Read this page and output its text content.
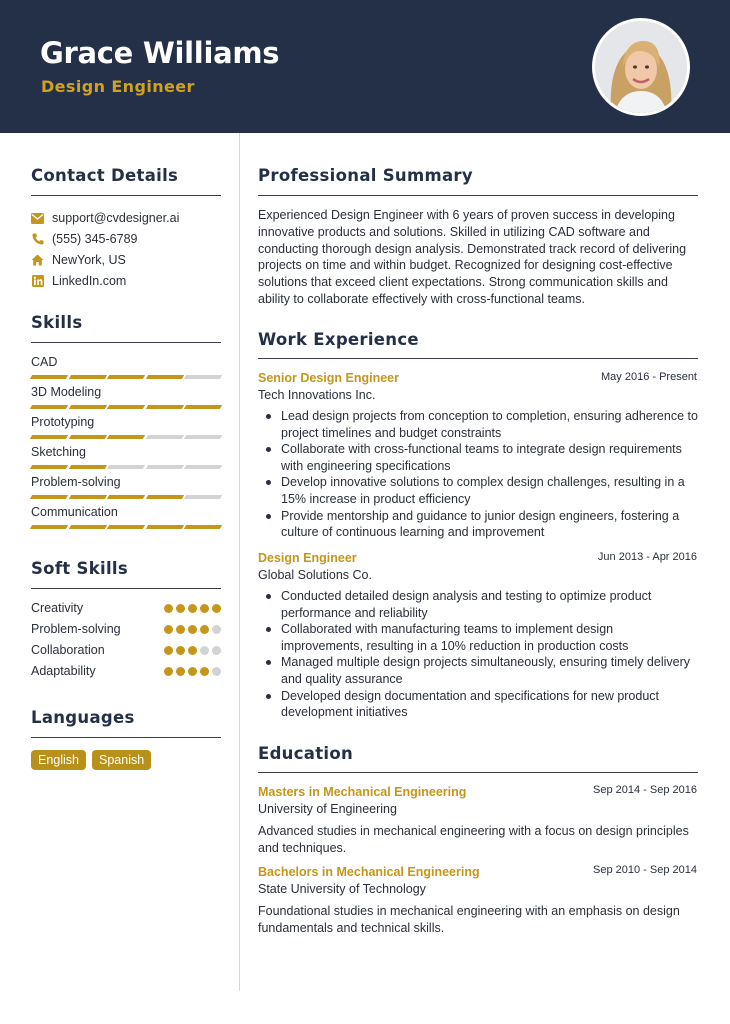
Grace Williams
Design Engineer
Contact Details
support@cvdesigner.ai
(555) 345-6789
NewYork, US
LinkedIn.com
Skills
CAD
3D Modeling
Prototyping
Sketching
Problem-solving
Communication
Soft Skills
Creativity
Problem-solving
Collaboration
Adaptability
Languages
English	Spanish
Professional Summary
Experienced Design Engineer with 6 years of proven success in developing innovative products and solutions. Skilled in utilizing CAD software and conducting thorough design analysis. Demonstrated track record of delivering projects on time and within budget. Recognized for designing cost-effective solutions that exceed client expectations. Strong communication skills and ability to collaborate effectively with cross-functional teams.
Work Experience
Senior Design Engineer	May 2016 - Present
Tech Innovations Inc.
Lead design projects from conception to completion, ensuring adherence to project timelines and budget constraints
Collaborate with cross-functional teams to integrate design requirements with engineering specifications
Develop innovative solutions to complex design challenges, resulting in a 15% increase in product efficiency
Provide mentorship and guidance to junior design engineers, fostering a culture of continuous learning and improvement
Design Engineer	Jun 2013 - Apr 2016
Global Solutions Co.
Conducted detailed design analysis and testing to optimize product performance and reliability
Collaborated with manufacturing teams to implement design improvements, resulting in a 10% reduction in production costs
Managed multiple design projects simultaneously, ensuring timely delivery and quality assurance
Developed design documentation and specifications for new product development initiatives
Education
Masters in Mechanical Engineering	Sep 2014 - Sep 2016
University of Engineering
Advanced studies in mechanical engineering with a focus on design principles and techniques.
Bachelors in Mechanical Engineering	Sep 2010 - Sep 2014
State University of Technology
Foundational studies in mechanical engineering with an emphasis on design fundamentals and technical skills.
